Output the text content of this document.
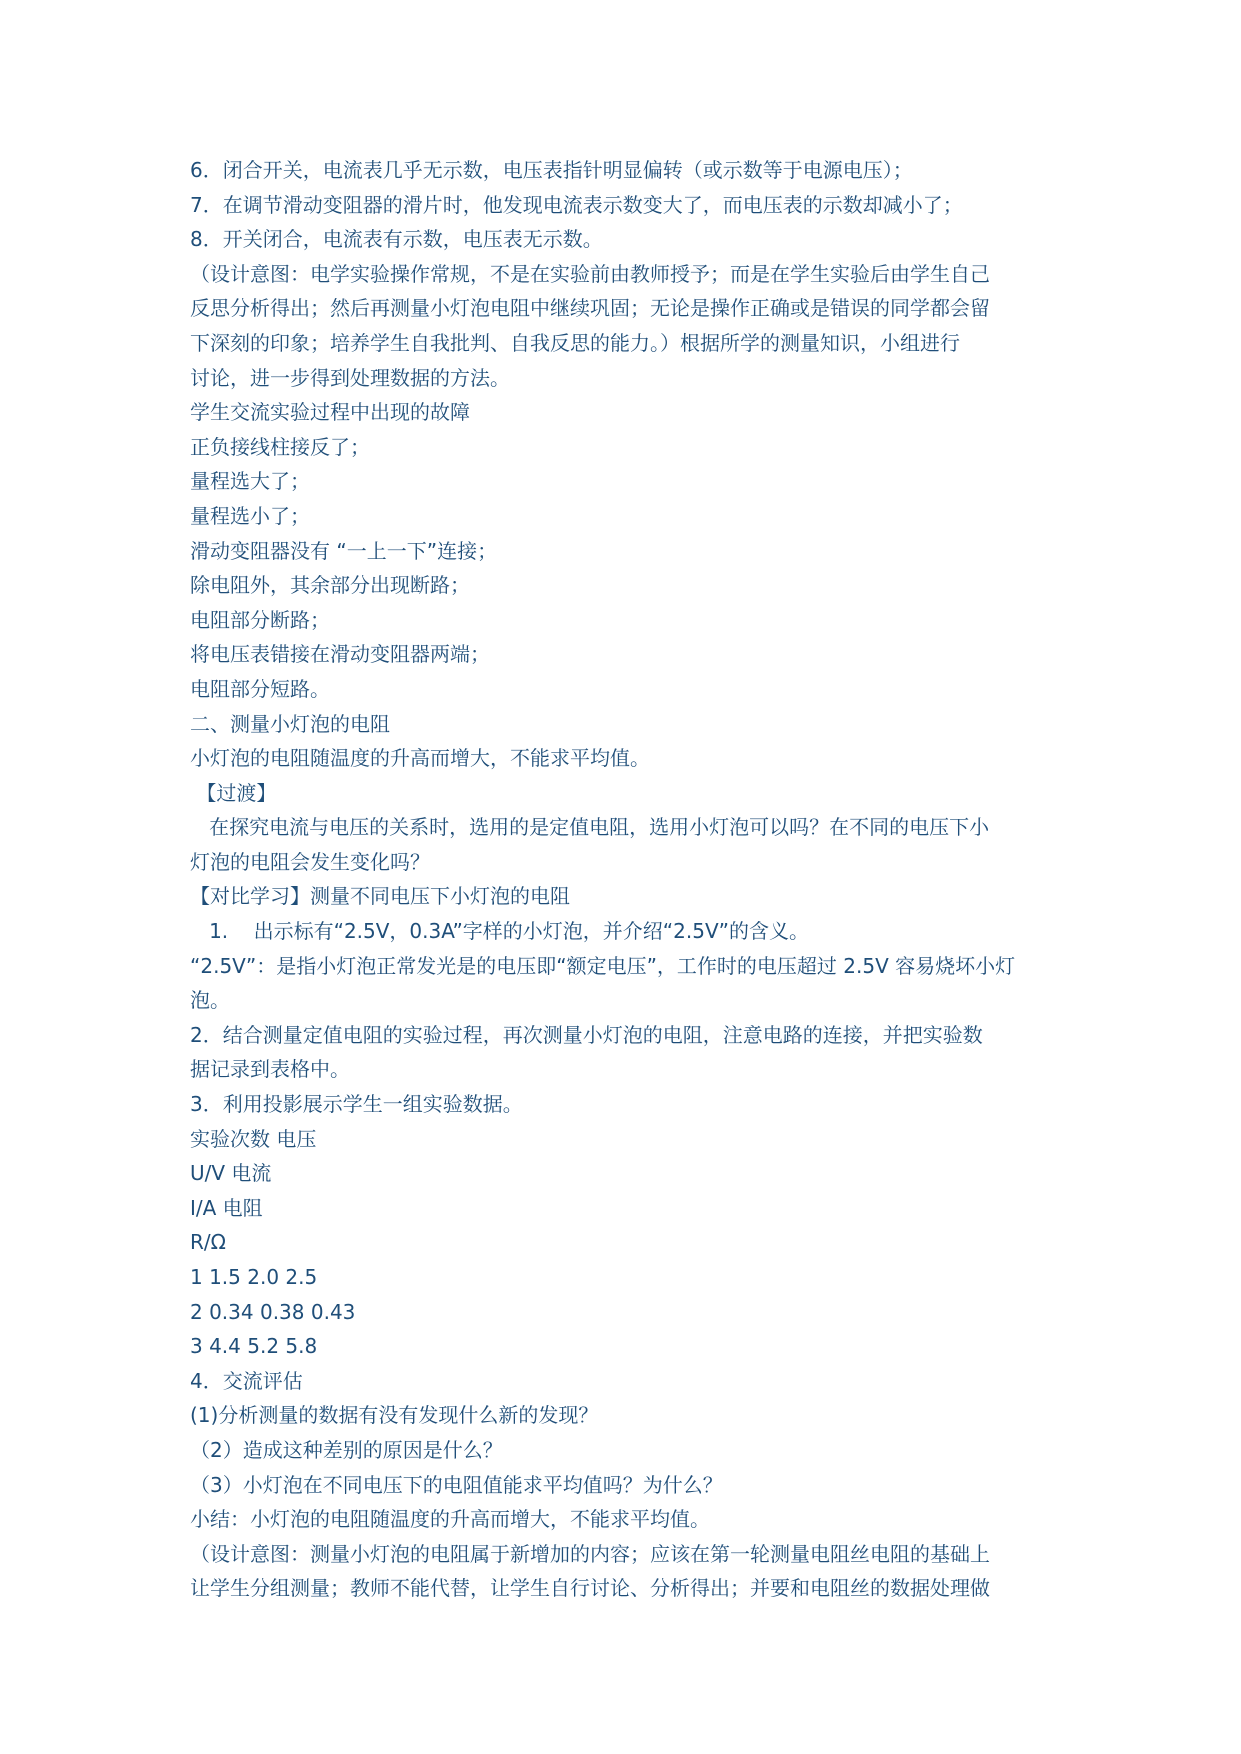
6．闭合开关，电流表几乎无示数，电压表指针明显偏转（或示数等于电源电压）；
7．在调节滑动变阻器的滑片时，他发现电流表示数变大了，而电压表的示数却减小了；
8．开关闭合，电流表有示数，电压表无示数。
（设计意图：电学实验操作常规，不是在实验前由教师授予；而是在学生实验后由学生自己
反思分析得出；然后再测量小灯泡电阻中继续巩固；无论是操作正确或是错误的同学都会留
下深刻的印象；培养学生自我批判、自我反思的能力。）根据所学的测量知识，小组进行
讨论，进一步得到处理数据的方法。
学生交流实验过程中出现的故障
正负接线柱接反了；
量程选大了；
量程选小了；
滑动变阻器没有 “一上一下”连接；
除电阻外，其余部分出现断路；
电阻部分断路；
将电压表错接在滑动变阻器两端；
电阻部分短路。
二、测量小灯泡的电阻
小灯泡的电阻随温度的升高而增大，不能求平均值。
【过渡】
在探究电流与电压的关系时，选用的是定值电阻，选用小灯泡可以吗？在不同的电压下小
灯泡的电阻会发生变化吗？
【对比学习】测量不同电压下小灯泡的电阻
1.    出示标有“2.5V，0.3A”字样的小灯泡，并介绍“2.5V”的含义。
“2.5V”：是指小灯泡正常发光是的电压即“额定电压”，工作时的电压超过 2.5V 容易烧坏小灯
泡。
2．结合测量定值电阻的实验过程，再次测量小灯泡的电阻，注意电路的连接，并把实验数
据记录到表格中。
3．利用投影展示学生一组实验数据。
实验次数 电压
U/V 电流
I/A 电阻
R/Ω
1 1.5 2.0 2.5
2 0.34 0.38 0.43
3 4.4 5.2 5.8
4．交流评估
(1)分析测量的数据有没有发现什么新的发现？
（2）造成这种差别的原因是什么？
（3）小灯泡在不同电压下的电阻值能求平均值吗？为什么？
小结：小灯泡的电阻随温度的升高而增大，不能求平均值。
（设计意图：测量小灯泡的电阻属于新增加的内容；应该在第一轮测量电阻丝电阻的基础上
让学生分组测量；教师不能代替，让学生自行讨论、分析得出；并要和电阻丝的数据处理做
